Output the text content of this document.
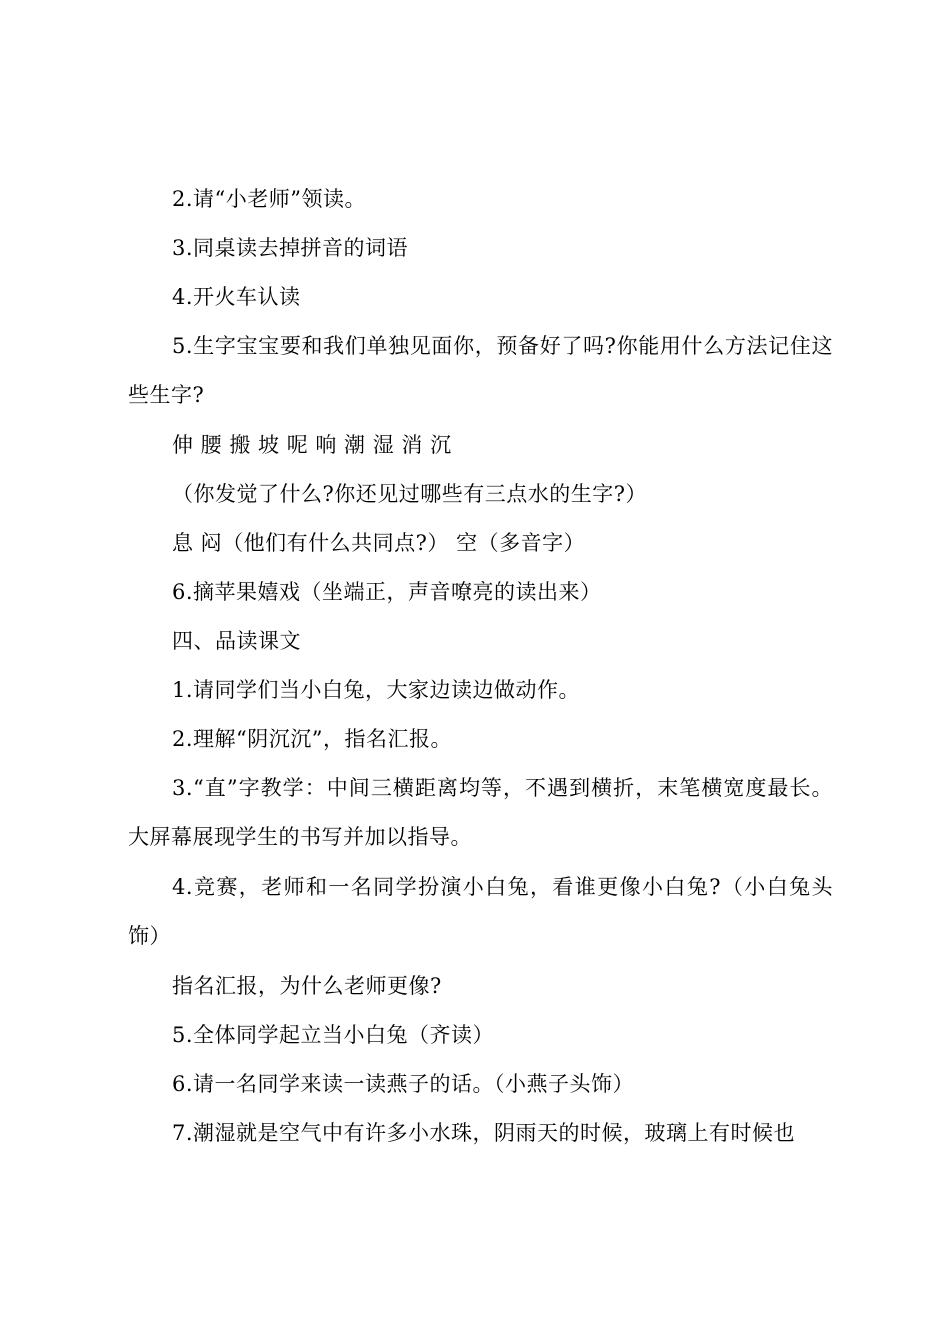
2.请“小老师”领读。

3.同桌读去掉拼音的词语

4.开火车认读

5.生字宝宝要和我们单独见面你，预备好了吗?你能用什么方法记住这些生字?

伸 腰 搬 坡 呢 响 潮 湿 消 沉

（你发觉了什么?你还见过哪些有三点水的生字?）

息 闷（他们有什么共同点?） 空（多音字）

6.摘苹果嬉戏（坐端正，声音嘹亮的读出来）

四、品读课文

1.请同学们当小白兔，大家边读边做动作。

2.理解“阴沉沉”，指名汇报。

3.“直”字教学：中间三横距离均等，不遇到横折，末笔横宽度最长。大屏幕展现学生的书写并加以指导。

4.竞赛，老师和一名同学扮演小白兔，看谁更像小白兔?（小白兔头饰）

指名汇报，为什么老师更像?

5.全体同学起立当小白兔（齐读）

6.请一名同学来读一读燕子的话。（小燕子头饰）

7.潮湿就是空气中有许多小水珠，阴雨天的时候，玻璃上有时候也
